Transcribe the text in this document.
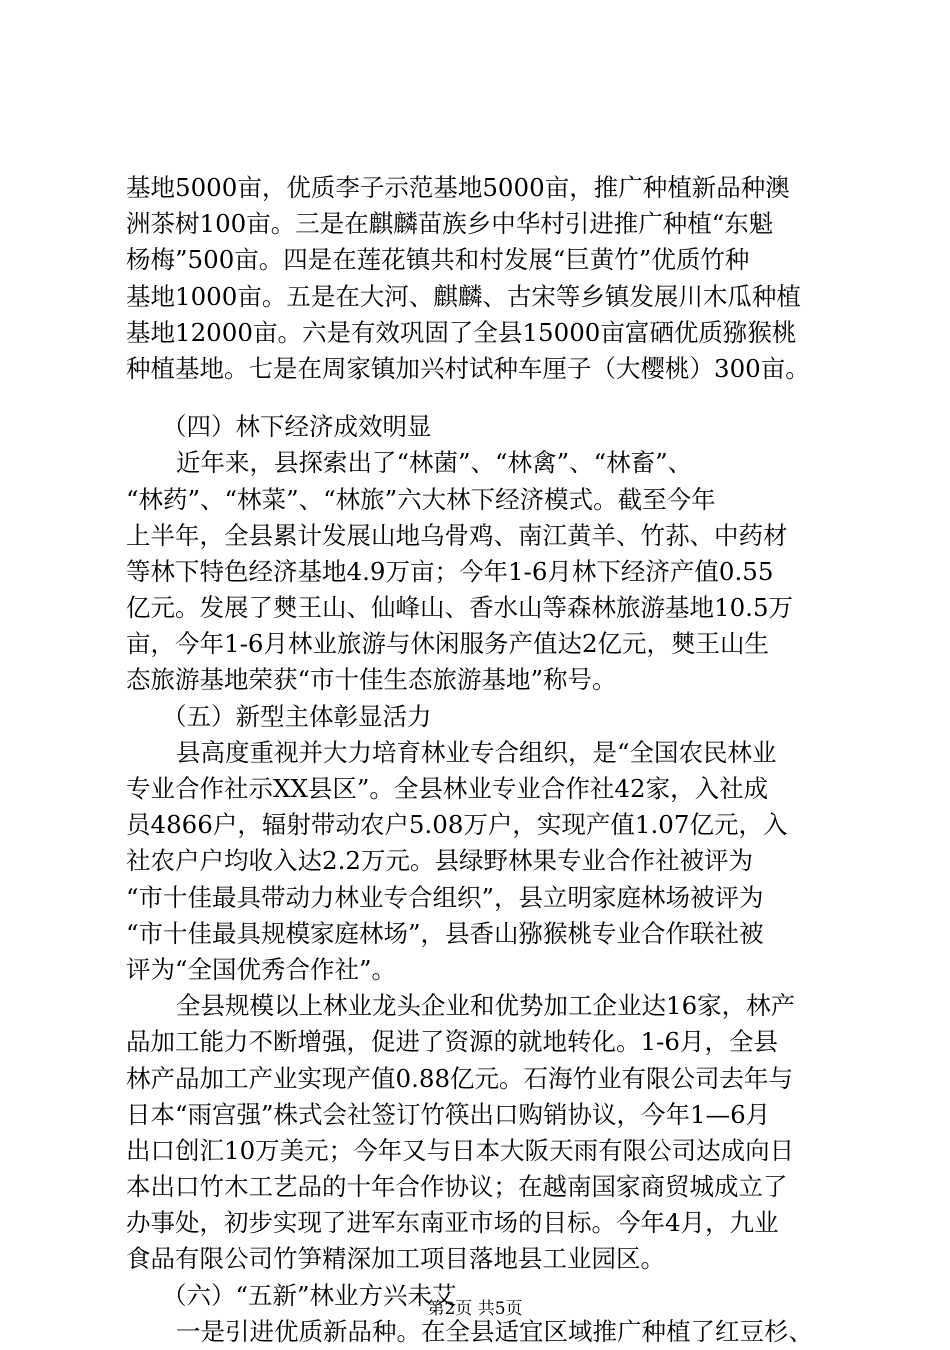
基地5000亩，优质李子示范基地5000亩，推广种植新品种澳
洲茶树100亩。三是在麒麟苗族乡中华村引进推广种植“东魁
杨梅”500亩。四是在莲花镇共和村发展“巨黄竹”优质竹种
基地1000亩。五是在大河、麒麟、古宋等乡镇发展川木瓜种植
基地12000亩。六是有效巩固了全县15000亩富硒优质猕猴桃
种植基地。七是在周家镇加兴村试种车厘子（大樱桃）300亩。
（四）林下经济成效明显
近年来，县探索出了“林菌”、“林禽”、“林畜”、
“林药”、“林菜”、“林旅”六大林下经济模式。截至今年
上半年，全县累计发展山地乌骨鸡、南江黄羊、竹荪、中药材
等林下特色经济基地4.9万亩；今年1-6月林下经济产值0.55
亿元。发展了僰王山、仙峰山、香水山等森林旅游基地10.5万
亩，今年1-6月林业旅游与休闲服务产值达2亿元，僰王山生
态旅游基地荣获“市十佳生态旅游基地”称号。
（五）新型主体彰显活力
县高度重视并大力培育林业专合组织，是“全国农民林业
专业合作社示XX县区”。全县林业专业合作社42家，入社成
员4866户，辐射带动农户5.08万户，实现产值1.07亿元，入
社农户户均收入达2.2万元。县绿野林果专业合作社被评为
“市十佳最具带动力林业专合组织”，县立明家庭林场被评为
“市十佳最具规模家庭林场”，县香山猕猴桃专业合作联社被
评为“全国优秀合作社”。
全县规模以上林业龙头企业和优势加工企业达16家，林产
品加工能力不断增强，促进了资源的就地转化。1-6月，全县
林产品加工产业实现产值0.88亿元。石海竹业有限公司去年与
日本“雨宫强”株式会社签订竹筷出口购销协议，今年1—6月
出口创汇10万美元；今年又与日本大阪天雨有限公司达成向日
本出口竹木工艺品的十年合作协议；在越南国家商贸城成立了
办事处，初步实现了进军东南亚市场的目标。今年4月，九业
食品有限公司竹笋精深加工项目落地县工业园区。
（六）“五新”林业方兴未艾
一是引进优质新品种。在全县适宜区域推广种植了红豆杉、
第2页 共5页
